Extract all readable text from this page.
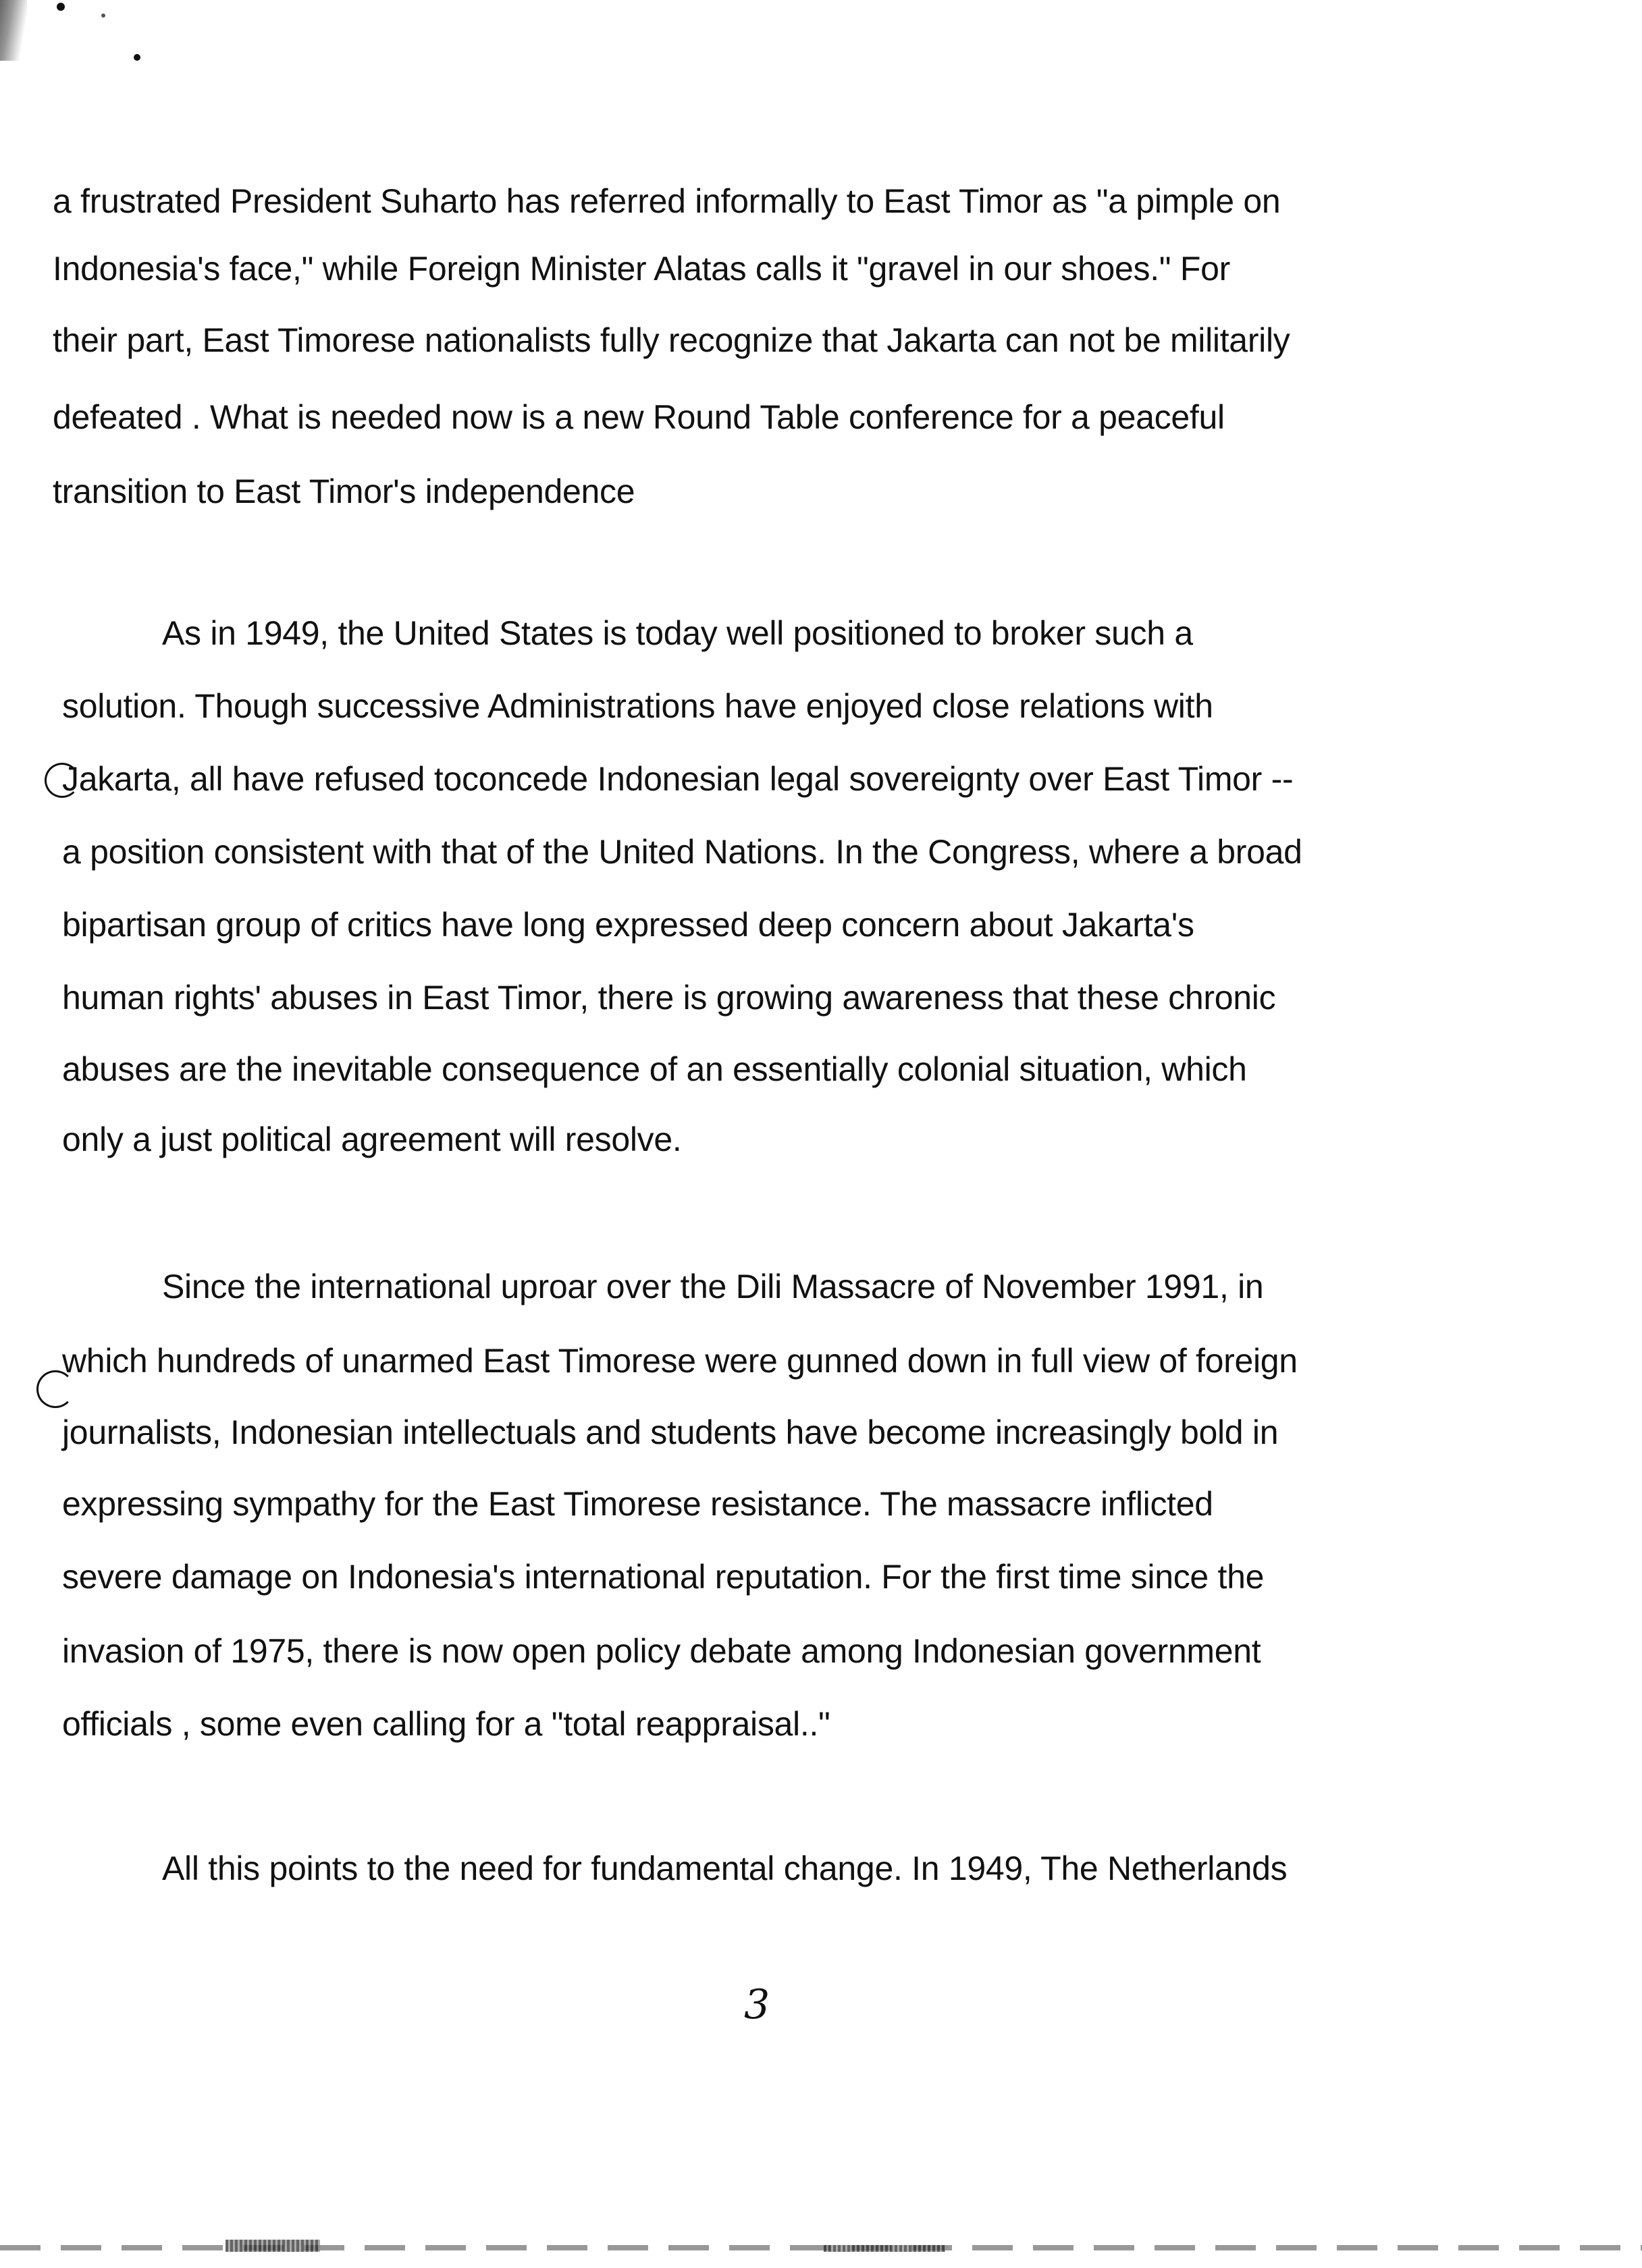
a frustrated President Suharto has referred informally to East Timor as "a pimple on
Indonesia's face," while Foreign Minister Alatas calls it "gravel in our shoes." For
their part, East Timorese nationalists fully recognize that Jakarta can not be militarily
defeated . What is needed now is a new Round Table conference for a peaceful
transition to East Timor's independence
As in 1949, the United States is today well positioned to broker such a
solution. Though successive Administrations have enjoyed close relations with
Jakarta, all have refused toconcede Indonesian legal sovereignty over East Timor --
a position consistent with that of the United Nations. In the Congress, where a broad
bipartisan group of critics have long expressed deep concern about Jakarta's
human rights' abuses in East Timor, there is growing awareness that these chronic
abuses are the inevitable consequence of an essentially colonial situation, which
only a just political agreement will resolve.
Since the international uproar over the Dili Massacre of November 1991, in
which hundreds of unarmed East Timorese were gunned down in full view of foreign
journalists, Indonesian intellectuals and students have become increasingly bold in
expressing sympathy for the East Timorese resistance. The massacre inflicted
severe damage on Indonesia's international reputation. For the first time since the
invasion of 1975, there is now open policy debate among Indonesian government
officials , some even calling for a "total reappraisal.."
All this points to the need for fundamental change. In 1949, The Netherlands
3
